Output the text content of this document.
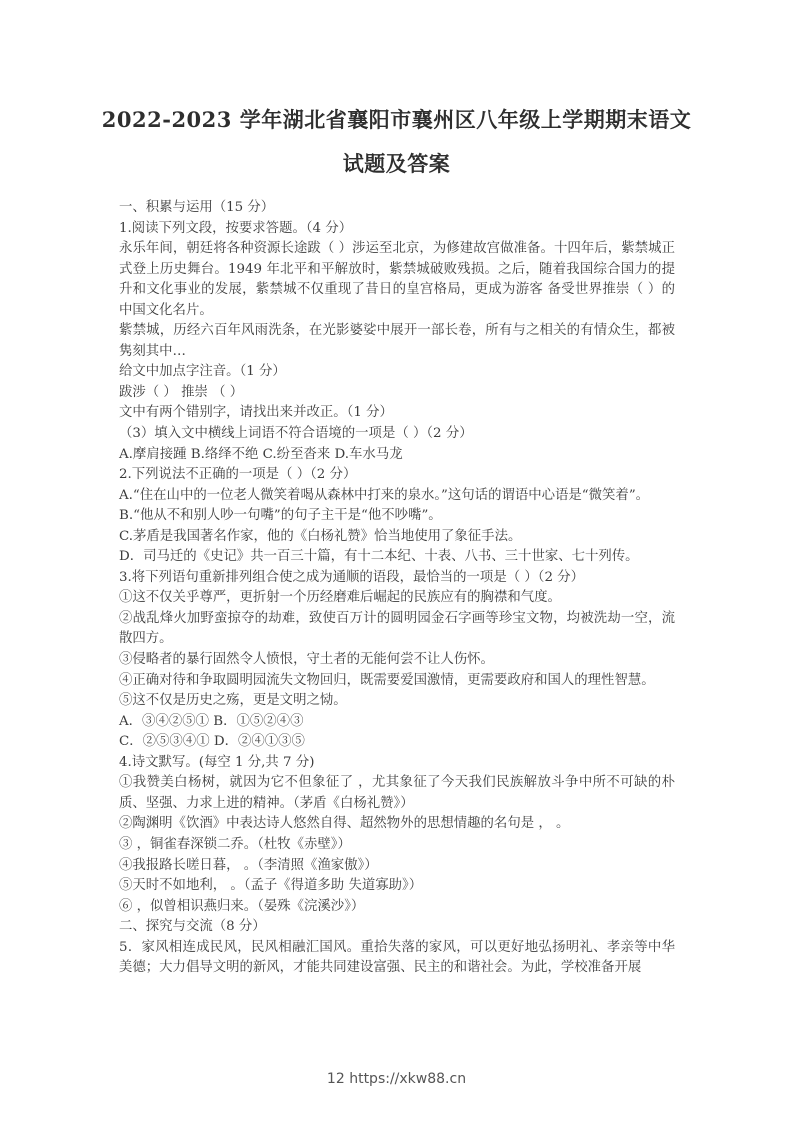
2022-2023 学年湖北省襄阳市襄州区八年级上学期期末语文
试题及答案

一、积累与运用（15 分）

1.阅读下列文段，按要求答题。（4 分）

永乐年间，朝廷将各种资源长途跋（ ）涉运至北京，为修建故宫做准备。十四年后，紫禁城正式登上历史舞台。1949 年北平和平解放时，紫禁城破败残损。之后，随着我国综合国力的提升和文化事业的发展，紫禁城不仅重现了昔日的皇宫格局，更成为游客 备受世界推崇（ ）的中国文化名片。

紫禁城，历经六百年风雨洗条，在光影婆娑中展开一部长卷，所有与之相关的有情众生，都被隽刻其中…

给文中加点字注音。（1 分）

跋涉（ ） 推崇 （ ）

文中有两个错别字，请找出来并改正。（1 分）

（3）填入文中横线上词语不符合语境的一项是（ ）（2 分）

A.摩肩接踵 B.络绎不绝 C.纷至沓来 D.车水马龙

2.下列说法不正确的一项是（ ）（2 分）

A.“住在山中的一位老人微笑着喝从森林中打来的泉水。”这句话的谓语中心语是“微笑着”。

B.“他从不和别人吵一句嘴”的句子主干是“他不吵嘴”。

C.茅盾是我国著名作家，他的《白杨礼赞》恰当地使用了象征手法。

D．司马迁的《史记》共一百三十篇，有十二本纪、十表、八书、三十世家、七十列传。

3.将下列语句重新排列组合使之成为通顺的语段，最恰当的一项是（ ）（2 分）

①这不仅关乎尊严，更折射一个历经磨难后崛起的民族应有的胸襟和气度。

②战乱烽火加野蛮掠夺的劫难，致使百万计的圆明园金石字画等珍宝文物，均被洗劫一空，流散四方。

③侵略者的暴行固然令人愤恨，守土者的无能何尝不让人伤怀。

④正确对待和争取圆明园流失文物回归，既需要爱国激情，更需要政府和国人的理性智慧。

⑤这不仅是历史之殇，更是文明之恸。

A．③④②⑤① B．①⑤②④③

C．②⑤③④① D．②④①③⑤

4.诗文默写。(每空 1 分,共 7 分)

①我赞美白杨树，就因为它不但象征了 ，尤其象征了今天我们民族解放斗争中所不可缺的朴质、坚强、力求上进的精神。（茅盾《白杨礼赞》）

②陶渊明《饮酒》中表达诗人悠然自得、超然物外的思想情趣的名句是 ， 。

③ ，铜雀春深锁二乔。（杜牧《赤壁》）

④我报路长嗟日暮， 。（李清照《渔家傲》）

⑤天时不如地利， 。（孟子《得道多助 失道寡助》）

⑥ ，似曾相识燕归来。（晏殊《浣溪沙》）

二、探究与交流（8 分）

5．家风相连成民风，民风相融汇国风。重拾失落的家风，可以更好地弘扬明礼、孝亲等中华美德；大力倡导文明的新风，才能共同建设富强、民主的和谐社会。为此，学校准备开展

12 https://xkw88.cn
